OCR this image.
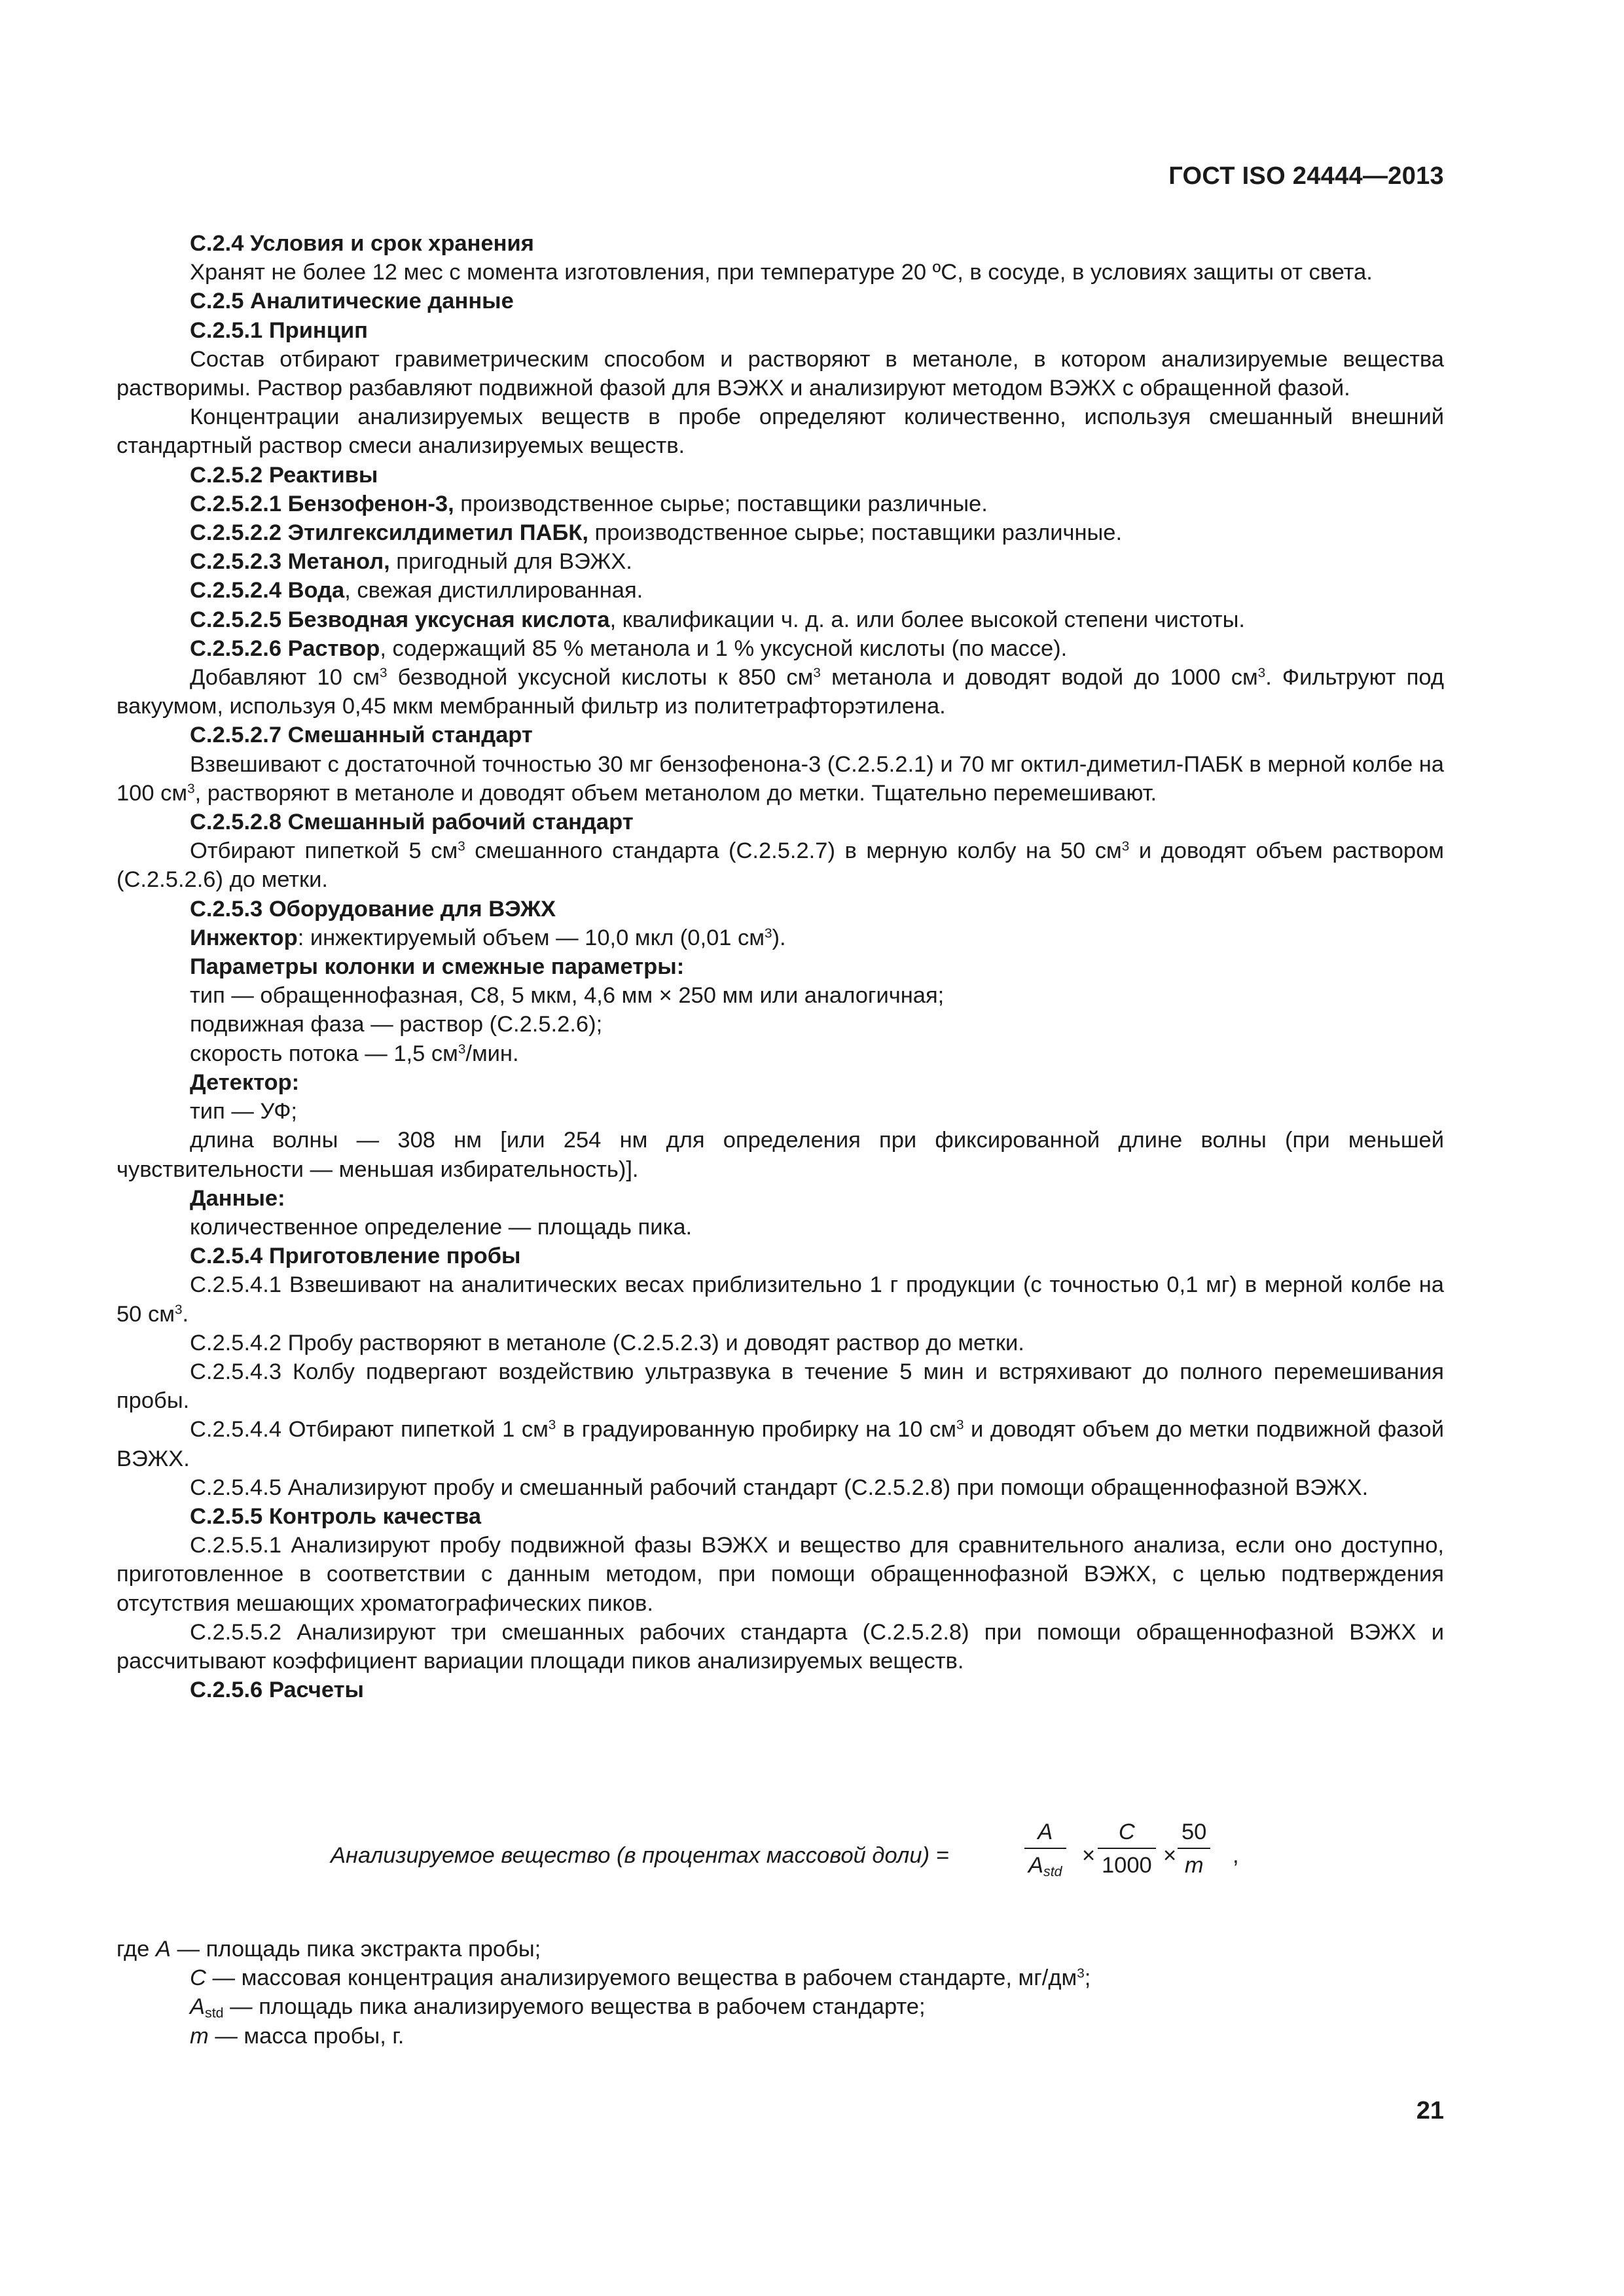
ГОСТ ISO 24444—2013

С.2.4 Условия и срок хранения

Хранят не более 12 мес с момента изготовления, при температуре 20 ºС, в сосуде, в условиях защиты от света.

С.2.5 Аналитические данные

С.2.5.1 Принцип

Состав отбирают гравиметрическим способом и растворяют в метаноле, в котором анализируемые вещества растворимы. Раствор разбавляют подвижной фазой для ВЭЖХ и анализируют методом ВЭЖХ с обращенной фазой.

Концентрации анализируемых веществ в пробе определяют количественно, используя смешанный внешний стандартный раствор смеси анализируемых веществ.

С.2.5.2 Реактивы

С.2.5.2.1 Бензофенон-3, производственное сырье; поставщики различные.

С.2.5.2.2 Этилгексилдиметил ПАБК, производственное сырье; поставщики различные.

С.2.5.2.3 Метанол, пригодный для ВЭЖХ.

С.2.5.2.4 Вода, свежая дистиллированная.

С.2.5.2.5 Безводная уксусная кислота, квалификации ч. д. а. или более высокой степени чистоты.

С.2.5.2.6 Раствор, содержащий 85 % метанола и 1 % уксусной кислоты (по массе).

Добавляют 10 $см^3$ безводной уксусной кислоты к 850 $см^3$ метанола и доводят водой до 1000 $см^3$. Фильтруют под вакуумом, используя 0,45 мкм мембранный фильтр из политетрафторэтилена.

С.2.5.2.7 Смешанный стандарт

Взвешивают с достаточной точностью 30 мг бензофенона-3 (С.2.5.2.1) и 70 мг октил-диметил-ПАБК в мерной колбе на 100 $см^3$, растворяют в метаноле и доводят объем метанолом до метки. Тщательно перемешивают.

С.2.5.2.8 Смешанный рабочий стандарт

Отбирают пипеткой 5 $см^3$ смешанного стандарта (С.2.5.2.7) в мерную колбу на 50 $см^3$ и доводят объем раствором (С.2.5.2.6) до метки.

С.2.5.3 Оборудование для ВЭЖХ

Инжектор: инжектируемый объем — 10,0 мкл (0,01 $см^3$).

Параметры колонки и смежные параметры:

тип — обращеннофазная, С8, 5 мкм, 4,6 мм × 250 мм или аналогичная;

подвижная фаза — раствор (С.2.5.2.6);

скорость потока — 1,5 $см^3$/мин.

Детектор:

тип — УФ;

длина волны — 308 нм [или 254 нм для определения при фиксированной длине волны (при меньшей чувствительности — меньшая избирательность)].

Данные:

количественное определение — площадь пика.

С.2.5.4 Приготовление пробы

С.2.5.4.1 Взвешивают на аналитических весах приблизительно 1 г продукции (с точностью 0,1 мг) в мерной колбе на 50 $см^3$.

С.2.5.4.2 Пробу растворяют в метаноле (С.2.5.2.3) и доводят раствор до метки.

С.2.5.4.3 Колбу подвергают воздействию ультразвука в течение 5 мин и встряхивают до полного перемешивания пробы.

С.2.5.4.4 Отбирают пипеткой 1 $см^3$ в градуированную пробирку на 10 $см^3$ и доводят объем до метки подвижной фазой ВЭЖХ.

С.2.5.4.5 Анализируют пробу и смешанный рабочий стандарт (С.2.5.2.8) при помощи обращеннофазной ВЭЖХ.

С.2.5.5 Контроль качества

С.2.5.5.1 Анализируют пробу подвижной фазы ВЭЖХ и вещество для сравнительного анализа, если оно доступно, приготовленное в соответствии с данным методом, при помощи обращеннофазной ВЭЖХ, с целью подтверждения отсутствия мешающих хроматографических пиков.

С.2.5.5.2 Анализируют три смешанных рабочих стандарта (С.2.5.2.8) при помощи обращеннофазной ВЭЖХ и рассчитывают коэффициент вариации площади пиков анализируемых веществ.

С.2.5.6 Расчеты

Анализируемое вещество (в процентах массовой доли) =
A
$A_{std}$
× $\frac{C}{1000} \times \frac{50}{m}$ ,

где A — площадь пика экстракта пробы;

C — массовая концентрация анализируемого вещества в рабочем стандарте, $мг/дм^3$;

$A_{std}$ — площадь пика анализируемого вещества в рабочем стандарте;

m — масса пробы, г.

21
